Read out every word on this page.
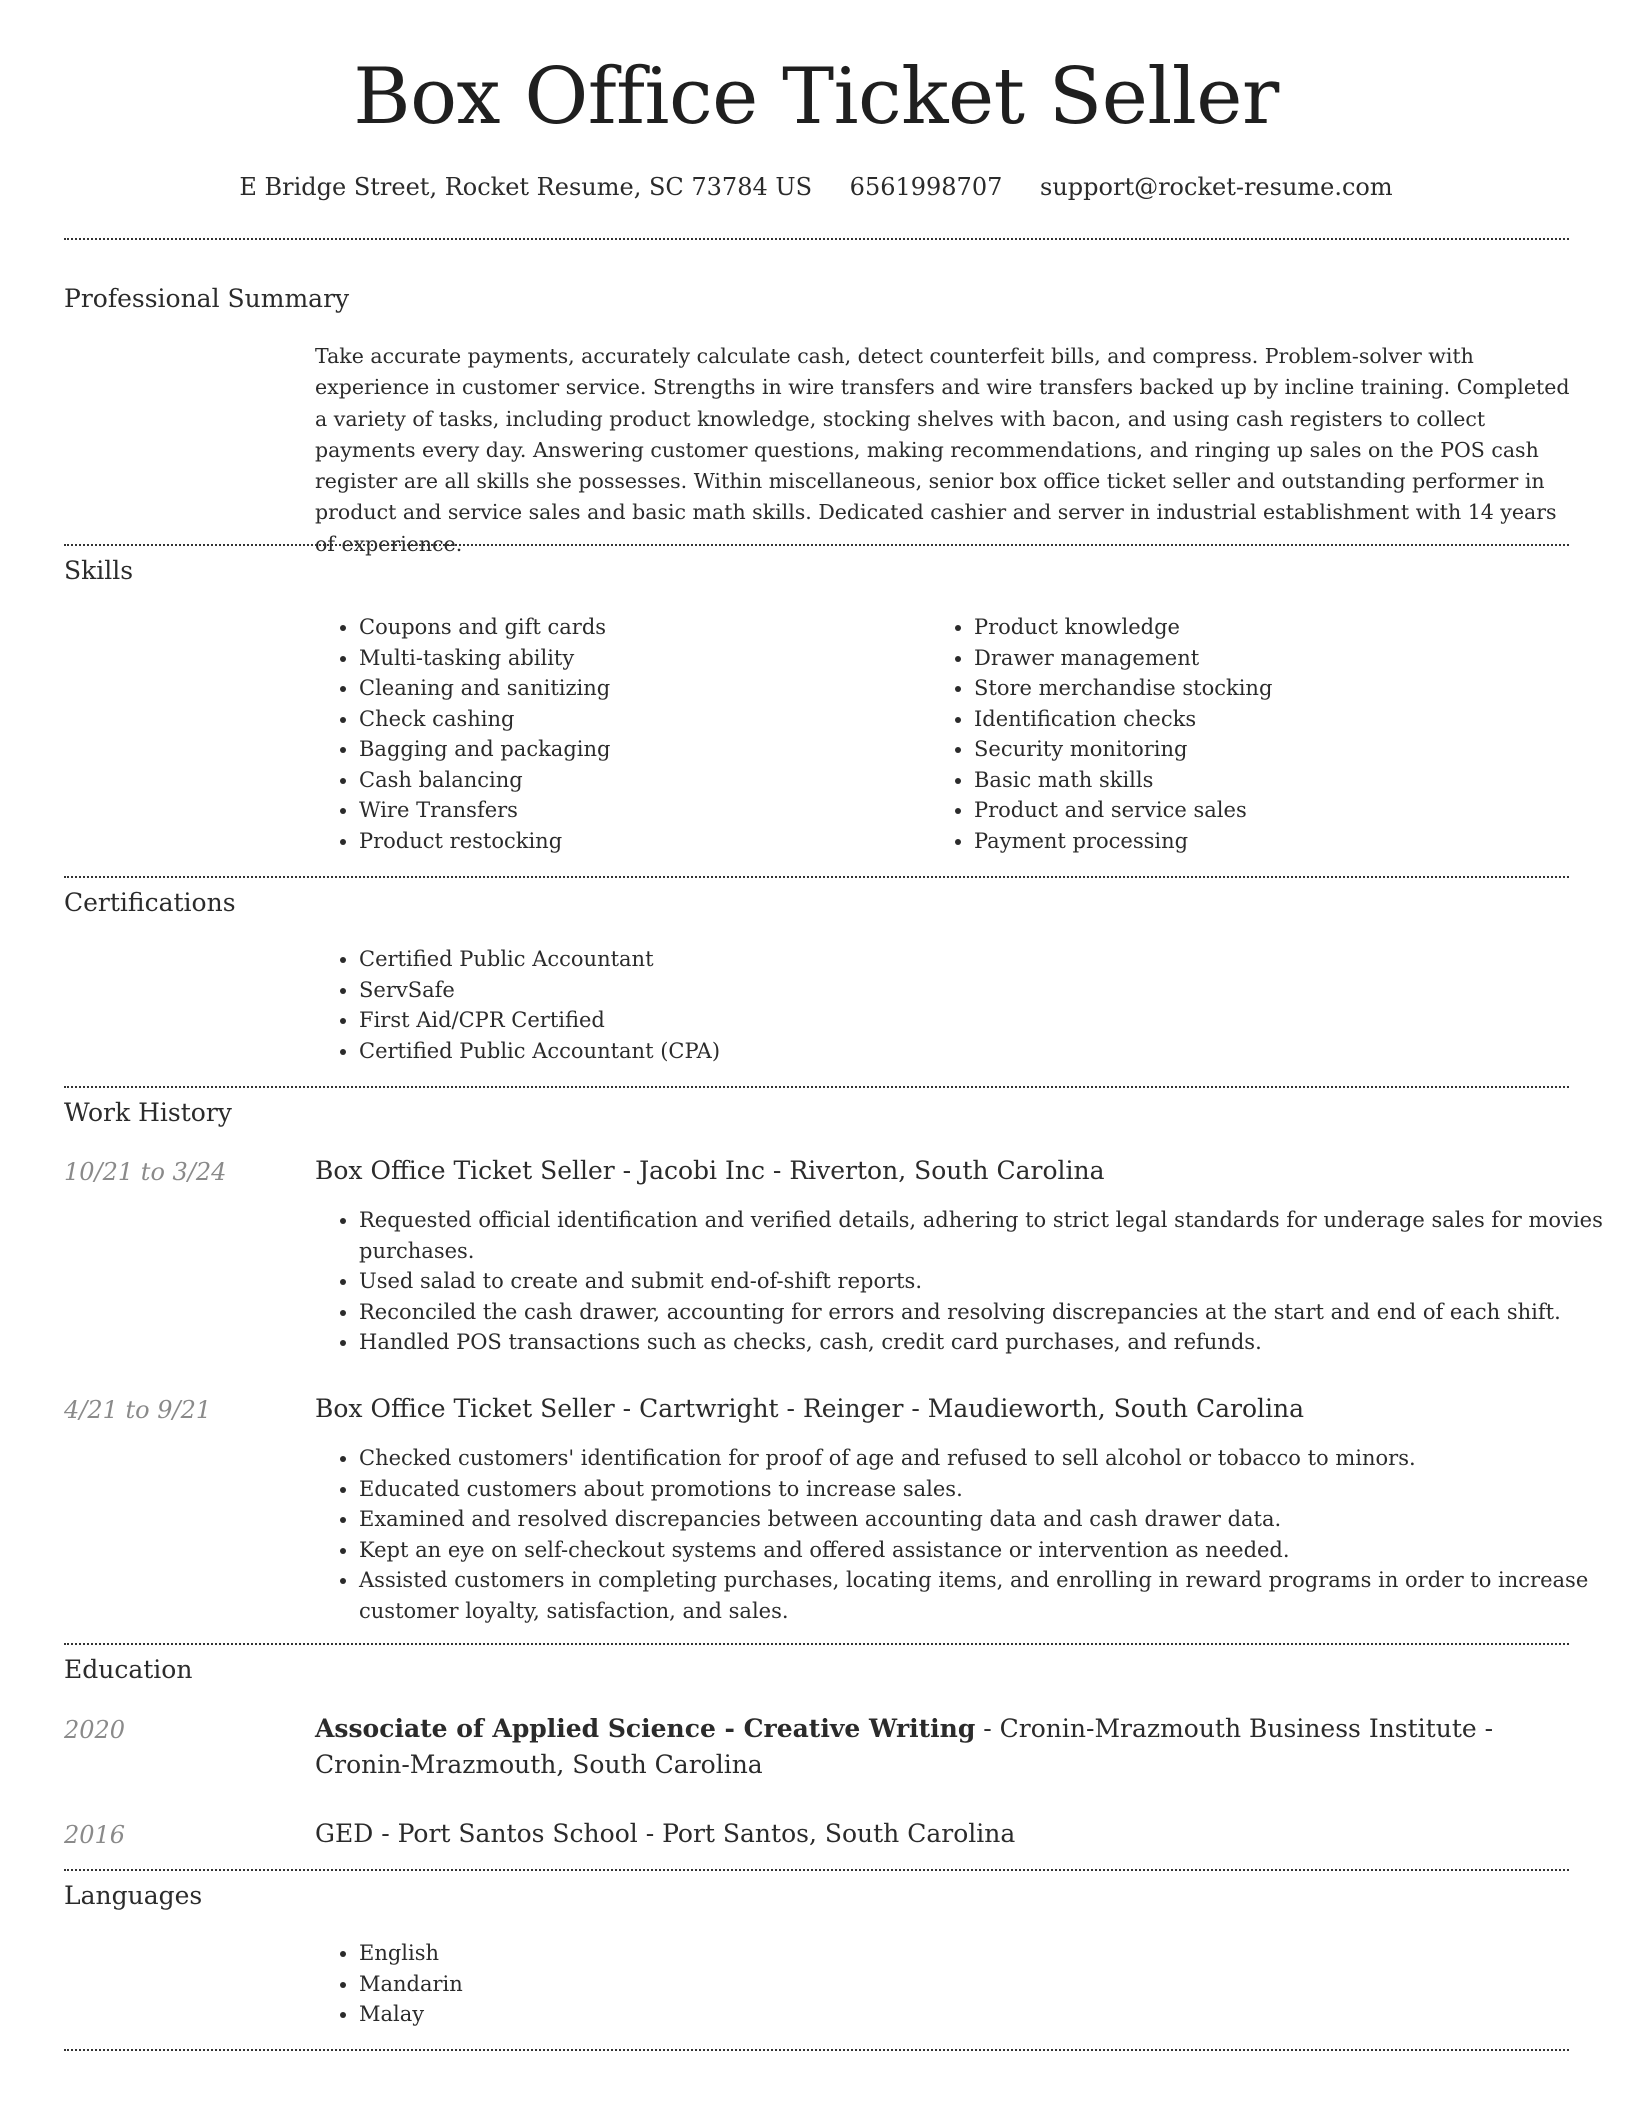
Box Office Ticket Seller
E Bridge Street, Rocket Resume, SC 73784 US 6561998707 support@rocket-resume.com
Professional Summary
Take accurate payments, accurately calculate cash, detect counterfeit bills, and compress. Problem-solver with experience in customer service. Strengths in wire transfers and wire transfers backed up by incline training. Completed a variety of tasks, including product knowledge, stocking shelves with bacon, and using cash registers to collect payments every day. Answering customer questions, making recommendations, and ringing up sales on the POS cash register are all skills she possesses. Within miscellaneous, senior box office ticket seller and outstanding performer in product and service sales and basic math skills. Dedicated cashier and server in industrial establishment with 14 years of experience.
Skills
• Coupons and gift cards
• Multi-tasking ability
• Cleaning and sanitizing
• Check cashing
• Bagging and packaging
• Cash balancing
• Wire Transfers
• Product restocking
• Product knowledge
• Drawer management
• Store merchandise stocking
• Identification checks
• Security monitoring
• Basic math skills
• Product and service sales
• Payment processing
Certifications
• Certified Public Accountant
• ServSafe
• First Aid/CPR Certified
• Certified Public Accountant (CPA)
Work History
10/21 to 3/24	Box Office Ticket Seller - Jacobi Inc - Riverton, South Carolina
• Requested official identification and verified details, adhering to strict legal standards for underage sales for movies purchases.
• Used salad to create and submit end-of-shift reports.
• Reconciled the cash drawer, accounting for errors and resolving discrepancies at the start and end of each shift.
• Handled POS transactions such as checks, cash, credit card purchases, and refunds.
4/21 to 9/21	Box Office Ticket Seller - Cartwright - Reinger - Maudieworth, South Carolina
• Checked customers' identification for proof of age and refused to sell alcohol or tobacco to minors.
• Educated customers about promotions to increase sales.
• Examined and resolved discrepancies between accounting data and cash drawer data.
• Kept an eye on self-checkout systems and offered assistance or intervention as needed.
• Assisted customers in completing purchases, locating items, and enrolling in reward programs in order to increase customer loyalty, satisfaction, and sales.
Education
2020	Associate of Applied Science - Creative Writing - Cronin-Mrazmouth Business Institute - Cronin-Mrazmouth, South Carolina
2016	GED - Port Santos School - Port Santos, South Carolina
Languages
• English
• Mandarin
• Malay
